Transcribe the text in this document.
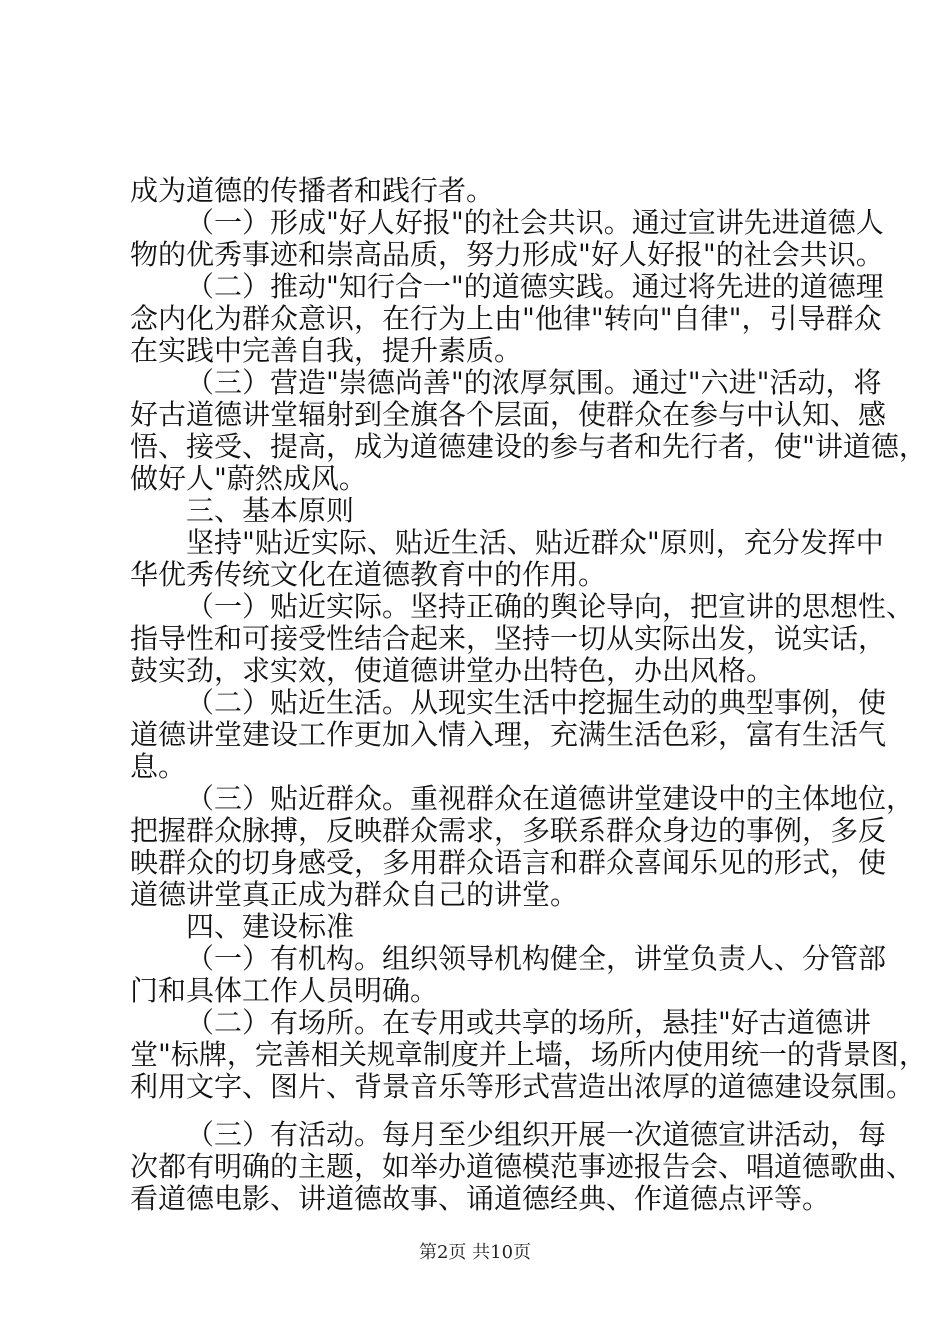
成为道德的传播者和践行者。
（一）形成"好人好报"的社会共识。通过宣讲先进道德人
物的优秀事迹和崇高品质，努力形成"好人好报"的社会共识。
（二）推动"知行合一"的道德实践。通过将先进的道德理
念内化为群众意识，在行为上由"他律"转向"自律"，引导群众
在实践中完善自我，提升素质。
（三）营造"崇德尚善"的浓厚氛围。通过"六进"活动，将
好古道德讲堂辐射到全旗各个层面，使群众在参与中认知、感
悟、接受、提高，成为道德建设的参与者和先行者，使"讲道德，
做好人"蔚然成风。
三、基本原则
坚持"贴近实际、贴近生活、贴近群众"原则，充分发挥中
华优秀传统文化在道德教育中的作用。
（一）贴近实际。坚持正确的舆论导向，把宣讲的思想性、
指导性和可接受性结合起来，坚持一切从实际出发，说实话，
鼓实劲，求实效，使道德讲堂办出特色，办出风格。
（二）贴近生活。从现实生活中挖掘生动的典型事例，使
道德讲堂建设工作更加入情入理，充满生活色彩，富有生活气
息。
（三）贴近群众。重视群众在道德讲堂建设中的主体地位，
把握群众脉搏，反映群众需求，多联系群众身边的事例，多反
映群众的切身感受，多用群众语言和群众喜闻乐见的形式，使
道德讲堂真正成为群众自己的讲堂。
四、建设标准
（一）有机构。组织领导机构健全，讲堂负责人、分管部
门和具体工作人员明确。
（二）有场所。在专用或共享的场所，悬挂"好古道德讲
堂"标牌，完善相关规章制度并上墙，场所内使用统一的背景图，
利用文字、图片、背景音乐等形式营造出浓厚的道德建设氛围。
（三）有活动。每月至少组织开展一次道德宣讲活动，每
次都有明确的主题，如举办道德模范事迹报告会、唱道德歌曲、
看道德电影、讲道德故事、诵道德经典、作道德点评等。
第2页 共10页
